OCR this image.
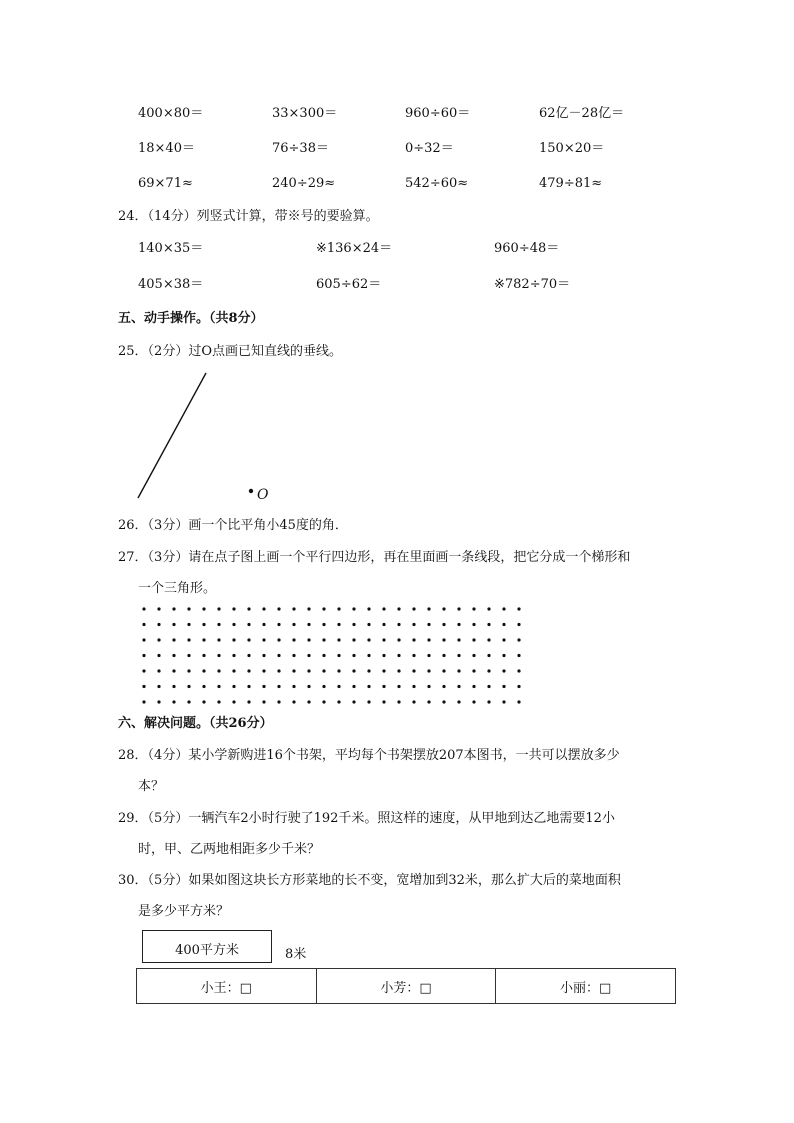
400×80＝	33×300＝	960÷60＝	62亿－28亿＝
18×40＝	76÷38＝	0÷32＝	150×20＝
69×71≈	240÷29≈	542÷60≈	479÷81≈
24．（14分）列竖式计算，带※号的要验算。
140×35＝	※136×24＝	960÷48＝
405×38＝	605÷62＝	※782÷70＝
五、动手操作。（共8分）
25．（2分）过O点画已知直线的垂线。
O
26．（3分）画一个比平角小45度的角．
27．（3分）请在点子图上画一个平行四边形，再在里面画一条线段，把它分成一个梯形和
一个三角形。
六、解决问题。（共26分）
28．（4分）某小学新购进16个书架，平均每个书架摆放207本图书，一共可以摆放多少
本？
29．（5分）一辆汽车2小时行驶了192千米。照这样的速度，从甲地到达乙地需要12小
时，甲、乙两地相距多少千米？
30．（5分）如果如图这块长方形菜地的长不变，宽增加到32米，那么扩大后的菜地面积
是多少平方米？
400平方米	8米
小王：□	小芳：□	小丽：□
